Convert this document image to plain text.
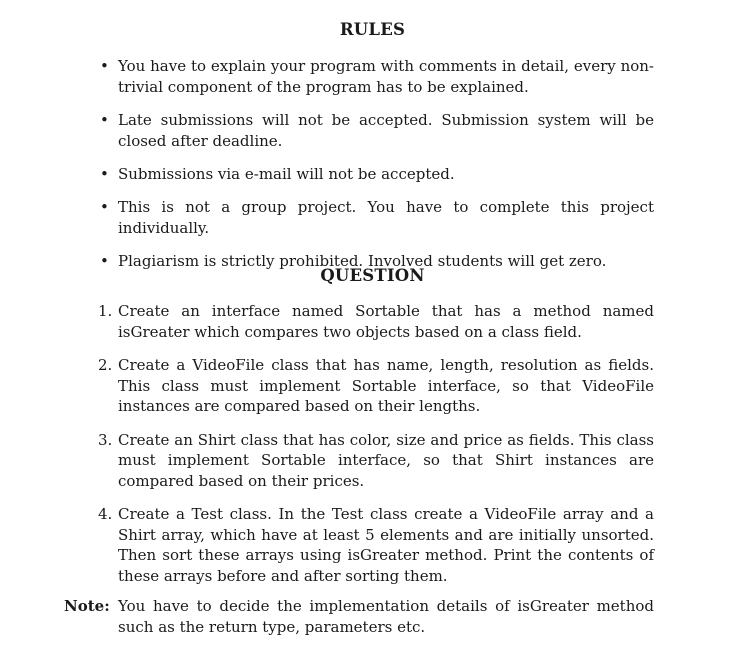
RULES
• You have to explain your program with comments in detail, every non-trivial component of the program has to be explained.
• Late submissions will not be accepted. Submission system will be closed after deadline.
• Submissions via e-mail will not be accepted.
• This is not a group project. You have to complete this project individually.
• Plagiarism is strictly prohibited. Involved students will get zero.
QUESTION
1. Create an interface named Sortable that has a method named isGreater which compares two objects based on a class field.
2. Create a VideoFile class that has name, length, resolution as fields. This class must implement Sortable interface, so that VideoFile instances are compared based on their lengths.
3. Create an Shirt class that has color, size and price as fields. This class must implement Sortable interface, so that Shirt instances are compared based on their prices.
4. Create a Test class. In the Test class create a VideoFile array and a Shirt array, which have at least 5 elements and are initially unsorted. Then sort these arrays using isGreater method. Print the contents of these arrays before and after sorting them.
Note: You have to decide the implementation details of isGreater method such as the return type, parameters etc.
